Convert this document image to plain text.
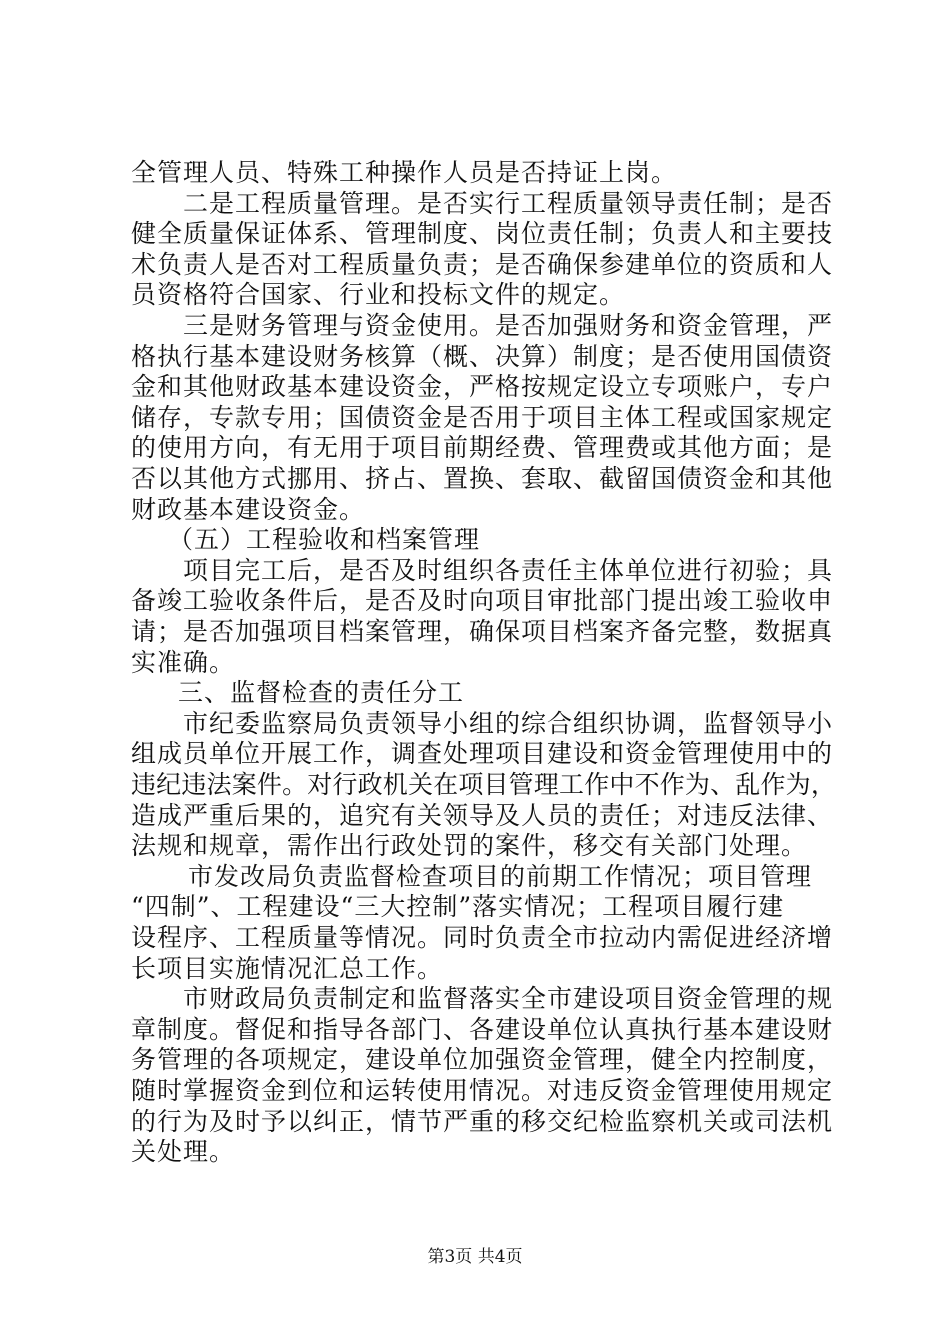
全管理人员、特殊工种操作人员是否持证上岗。
二是工程质量管理。是否实行工程质量领导责任制；是否
健全质量保证体系、管理制度、岗位责任制；负责人和主要技
术负责人是否对工程质量负责；是否确保参建单位的资质和人
员资格符合国家、行业和投标文件的规定。
三是财务管理与资金使用。是否加强财务和资金管理，严
格执行基本建设财务核算（概、决算）制度；是否使用国债资
金和其他财政基本建设资金，严格按规定设立专项账户，专户
储存，专款专用；国债资金是否用于项目主体工程或国家规定
的使用方向，有无用于项目前期经费、管理费或其他方面；是
否以其他方式挪用、挤占、置换、套取、截留国债资金和其他
财政基本建设资金。
（五）工程验收和档案管理
项目完工后，是否及时组织各责任主体单位进行初验；具
备竣工验收条件后，是否及时向项目审批部门提出竣工验收申
请；是否加强项目档案管理，确保项目档案齐备完整，数据真
实准确。
三、监督检查的责任分工
市纪委监察局负责领导小组的综合组织协调，监督领导小
组成员单位开展工作，调查处理项目建设和资金管理使用中的
违纪违法案件。对行政机关在项目管理工作中不作为、乱作为，
造成严重后果的，追究有关领导及人员的责任；对违反法律、
法规和规章，需作出行政处罚的案件，移交有关部门处理。
市发改局负责监督检查项目的前期工作情况；项目管理
“四制”、工程建设“三大控制”落实情况；工程项目履行建
设程序、工程质量等情况。同时负责全市拉动内需促进经济增
长项目实施情况汇总工作。
市财政局负责制定和监督落实全市建设项目资金管理的规
章制度。督促和指导各部门、各建设单位认真执行基本建设财
务管理的各项规定，建设单位加强资金管理，健全内控制度，
随时掌握资金到位和运转使用情况。对违反资金管理使用规定
的行为及时予以纠正，情节严重的移交纪检监察机关或司法机
关处理。
第3页 共4页
